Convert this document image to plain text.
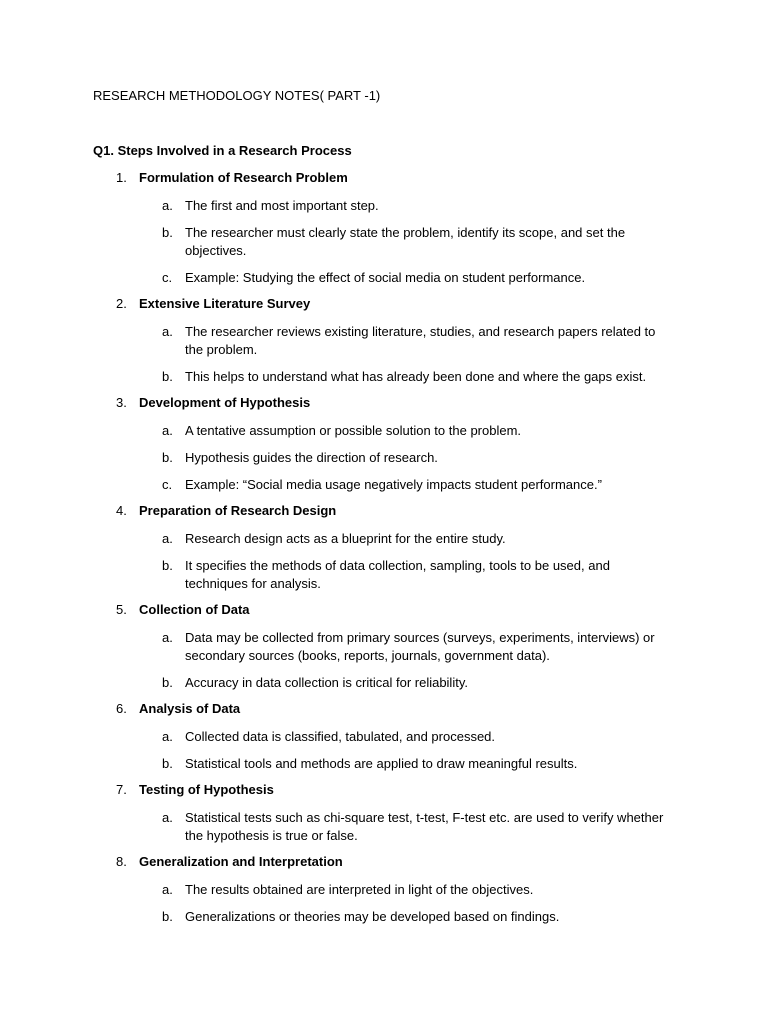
RESEARCH METHODOLOGY NOTES( PART -1)
Q1. Steps Involved in a Research Process
1. Formulation of Research Problem
a. The first and most important step.
b. The researcher must clearly state the problem, identify its scope, and set the objectives.
c. Example: Studying the effect of social media on student performance.
2. Extensive Literature Survey
a. The researcher reviews existing literature, studies, and research papers related to the problem.
b. This helps to understand what has already been done and where the gaps exist.
3. Development of Hypothesis
a. A tentative assumption or possible solution to the problem.
b. Hypothesis guides the direction of research.
c. Example: “Social media usage negatively impacts student performance.”
4. Preparation of Research Design
a. Research design acts as a blueprint for the entire study.
b. It specifies the methods of data collection, sampling, tools to be used, and techniques for analysis.
5. Collection of Data
a. Data may be collected from primary sources (surveys, experiments, interviews) or secondary sources (books, reports, journals, government data).
b. Accuracy in data collection is critical for reliability.
6. Analysis of Data
a. Collected data is classified, tabulated, and processed.
b. Statistical tools and methods are applied to draw meaningful results.
7. Testing of Hypothesis
a. Statistical tests such as chi-square test, t-test, F-test etc. are used to verify whether the hypothesis is true or false.
8. Generalization and Interpretation
a. The results obtained are interpreted in light of the objectives.
b. Generalizations or theories may be developed based on findings.
